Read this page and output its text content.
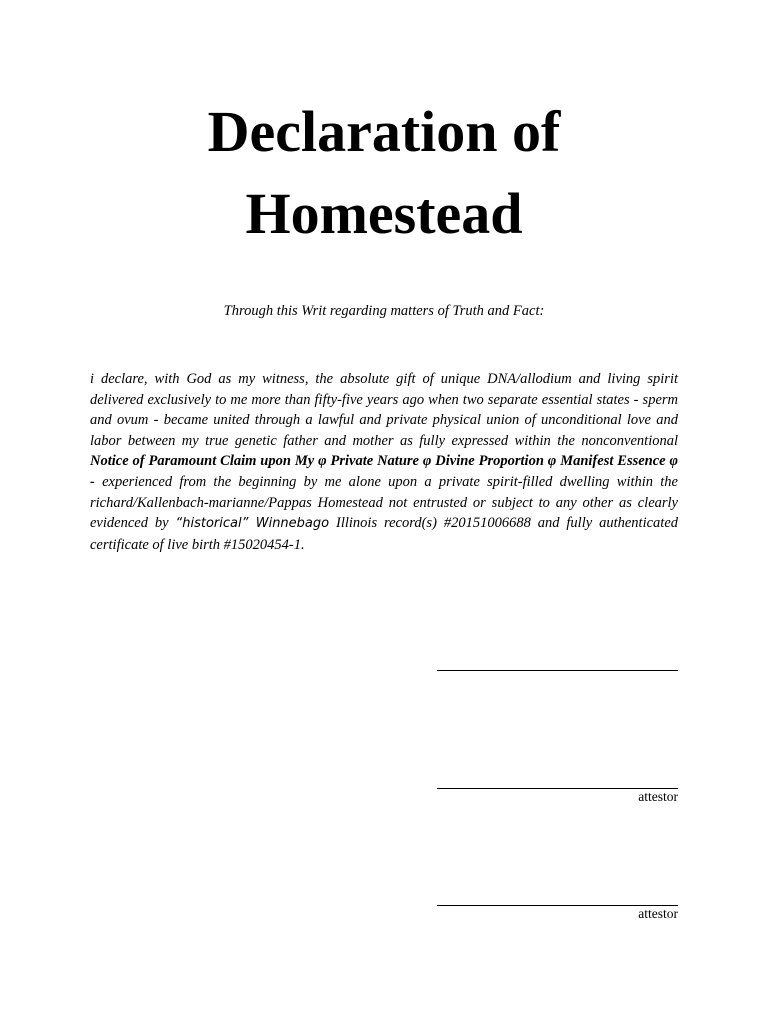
Declaration of
Homestead
Through this Writ regarding matters of Truth and Fact:

i declare, with God as my witness, the absolute gift of unique DNA/allodium and living spirit delivered exclusively to me more than fifty-five years ago when two separate essential states - sperm and ovum - became united through a lawful and private physical union of unconditional love and labor between my true genetic father and mother as fully expressed within the nonconventional Notice of Paramount Claim upon My φ Private Nature φ Divine Proportion φ Manifest Essence φ - experienced from the beginning by me alone upon a private spirit-filled dwelling within the richard/Kallenbach-marianne/Pappas Homestead not entrusted or subject to any other as clearly evidenced by “historical” Winnebago Illinois record(s) #20151006688 and fully authenticated certificate of live birth #15020454-1.

attestor
attestor
